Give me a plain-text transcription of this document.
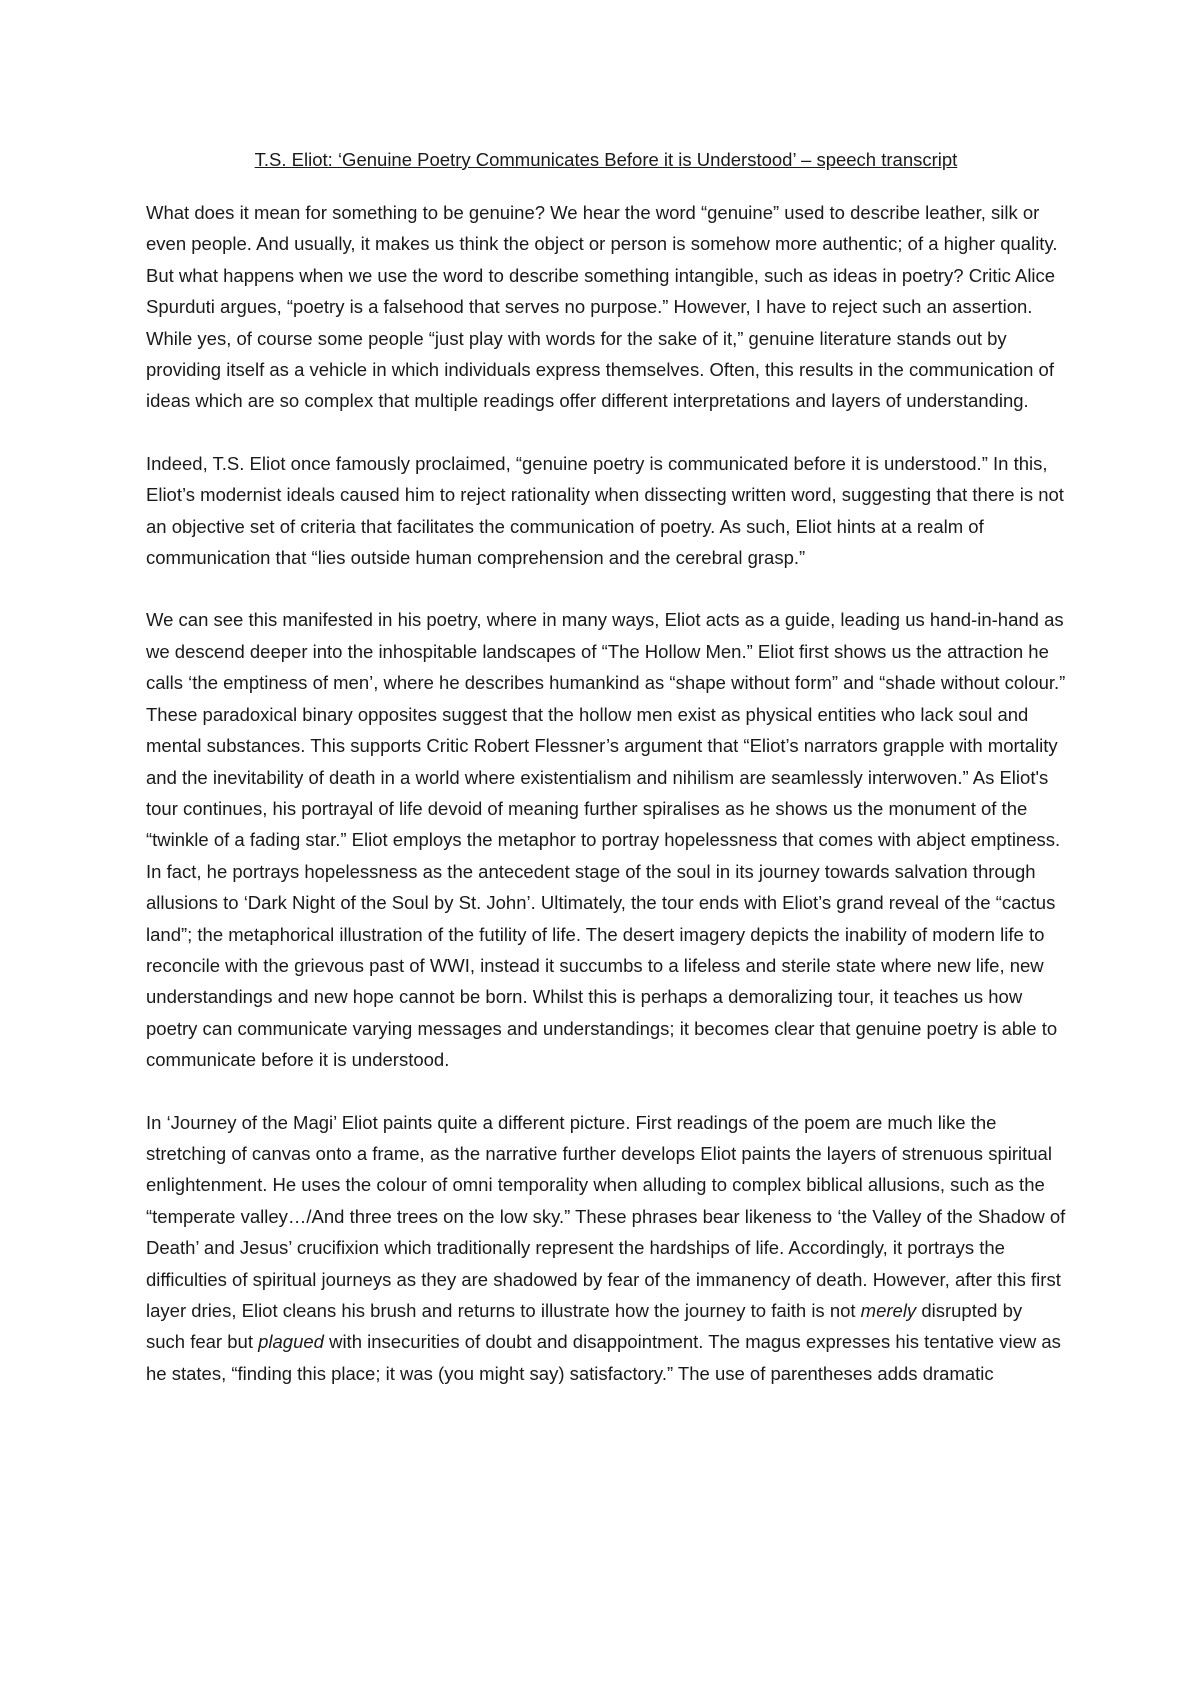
T.S. Eliot: ‘Genuine Poetry Communicates Before it is Understood’ – speech transcript

What does it mean for something to be genuine? We hear the word “genuine” used to describe leather, silk or even people. And usually, it makes us think the object or person is somehow more authentic; of a higher quality. But what happens when we use the word to describe something intangible, such as ideas in poetry? Critic Alice Spurduti argues, “poetry is a falsehood that serves no purpose.” However, I have to reject such an assertion. While yes, of course some people “just play with words for the sake of it,” genuine literature stands out by providing itself as a vehicle in which individuals express themselves. Often, this results in the communication of ideas which are so complex that multiple readings offer different interpretations and layers of understanding.

Indeed, T.S. Eliot once famously proclaimed, “genuine poetry is communicated before it is understood.” In this, Eliot’s modernist ideals caused him to reject rationality when dissecting written word, suggesting that there is not an objective set of criteria that facilitates the communication of poetry. As such, Eliot hints at a realm of communication that “lies outside human comprehension and the cerebral grasp.”

We can see this manifested in his poetry, where in many ways, Eliot acts as a guide, leading us hand-in-hand as we descend deeper into the inhospitable landscapes of “The Hollow Men.” Eliot first shows us the attraction he calls ‘the emptiness of men’, where he describes humankind as “shape without form” and “shade without colour.” These paradoxical binary opposites suggest that the hollow men exist as physical entities who lack soul and mental substances. This supports Critic Robert Flessner’s argument that “Eliot’s narrators grapple with mortality and the inevitability of death in a world where existentialism and nihilism are seamlessly interwoven.” As Eliot's tour continues, his portrayal of life devoid of meaning further spiralises as he shows us the monument of the “twinkle of a fading star.” Eliot employs the metaphor to portray hopelessness that comes with abject emptiness. In fact, he portrays hopelessness as the antecedent stage of the soul in its journey towards salvation through allusions to ‘Dark Night of the Soul by St. John’. Ultimately, the tour ends with Eliot’s grand reveal of the “cactus land”; the metaphorical illustration of the futility of life. The desert imagery depicts the inability of modern life to reconcile with the grievous past of WWI, instead it succumbs to a lifeless and sterile state where new life, new understandings and new hope cannot be born. Whilst this is perhaps a demoralizing tour, it teaches us how poetry can communicate varying messages and understandings; it becomes clear that genuine poetry is able to communicate before it is understood.

In ‘Journey of the Magi’ Eliot paints quite a different picture. First readings of the poem are much like the stretching of canvas onto a frame, as the narrative further develops Eliot paints the layers of strenuous spiritual enlightenment. He uses the colour of omni temporality when alluding to complex biblical allusions, such as the “temperate valley…/And three trees on the low sky.” These phrases bear likeness to ‘the Valley of the Shadow of Death’ and Jesus’ crucifixion which traditionally represent the hardships of life. Accordingly, it portrays the difficulties of spiritual journeys as they are shadowed by fear of the immanency of death. However, after this first layer dries, Eliot cleans his brush and returns to illustrate how the journey to faith is not merely disrupted by such fear but plagued with insecurities of doubt and disappointment. The magus expresses his tentative view as he states, “finding this place; it was (you might say) satisfactory.” The use of parentheses adds dramatic
